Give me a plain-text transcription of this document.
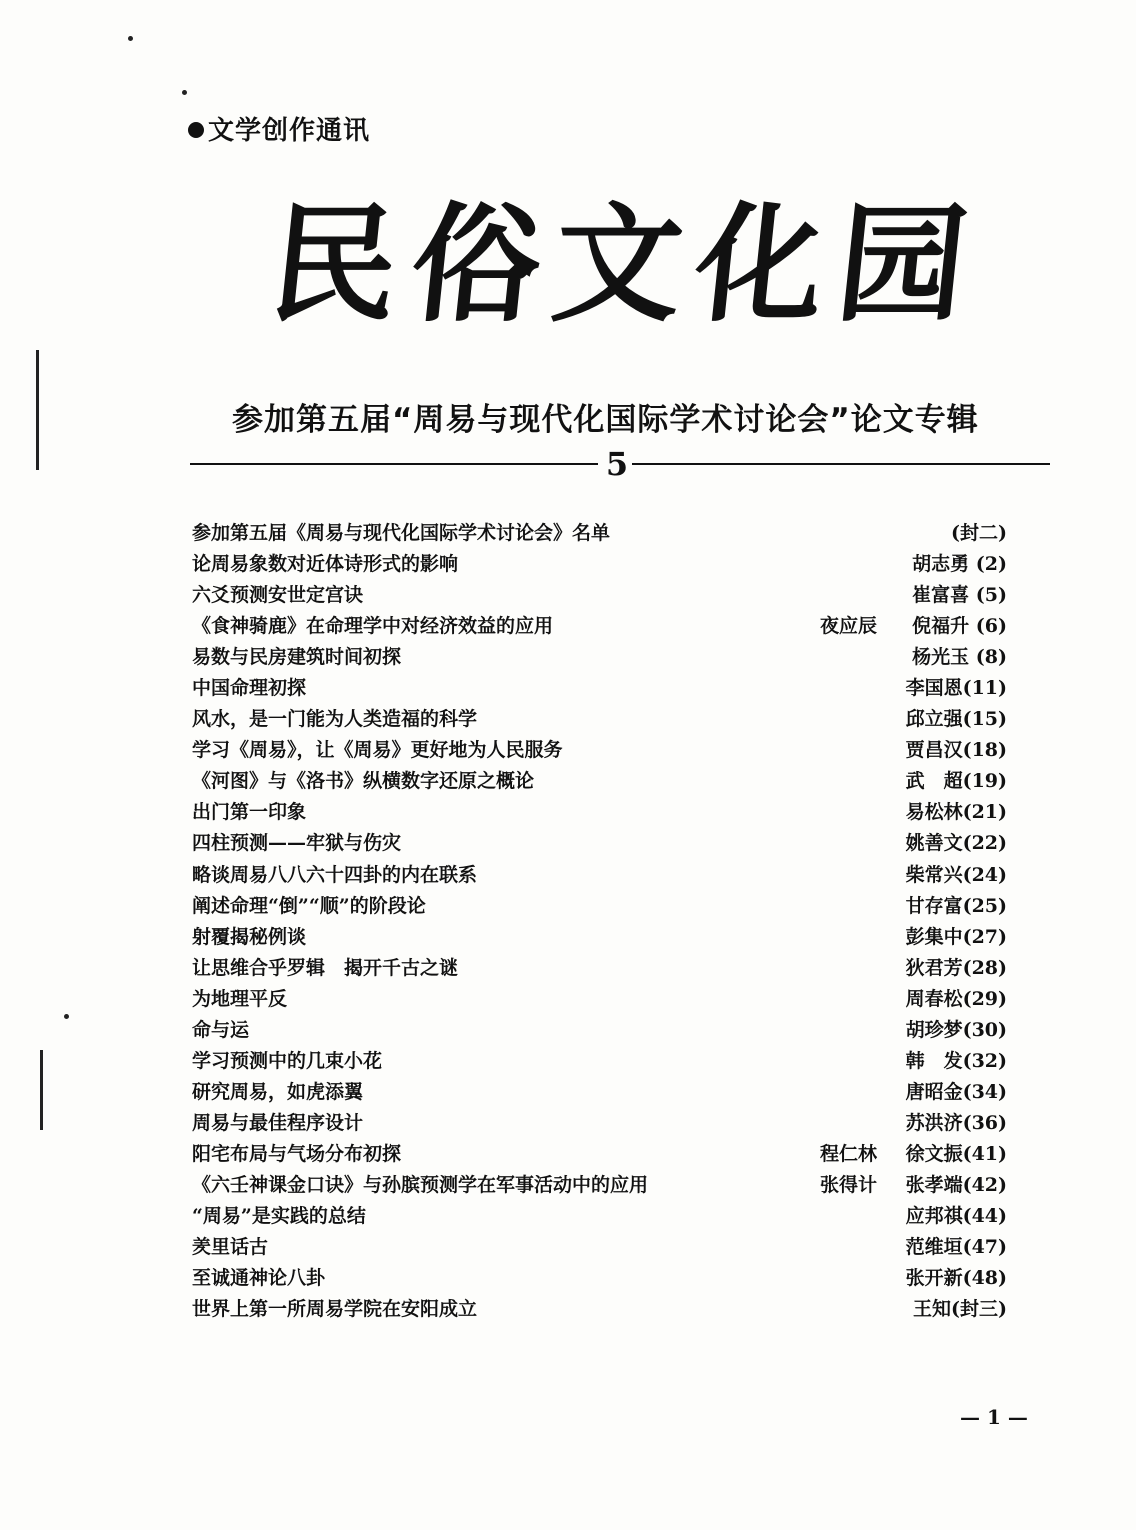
文学创作通讯
民俗文化园
参加第五届“周易与现代化国际学术讨论会”论文专辑
5
参加第五届《周易与现代化国际学术讨论会》名单	(封二)
论周易象数对近体诗形式的影响	胡志勇 (2)
六爻预测安世定宫诀	崔富喜 (5)
《食神骑鹿》在命理学中对经济效益的应用	夜应辰 倪福升 (6)
易数与民房建筑时间初探	杨光玉 (8)
中国命理初探	李国恩(11)
风水，是一门能为人类造福的科学	邱立强(15)
学习《周易》，让《周易》更好地为人民服务	贾昌汉(18)
《河图》与《洛书》纵横数字还原之概论	武　超(19)
出门第一印象	易松林(21)
四柱预测——牢狱与伤灾	姚善文(22)
略谈周易八八六十四卦的内在联系	柴常兴(24)
阐述命理“倒”“顺”的阶段论	甘存富(25)
射覆揭秘例谈	彭集中(27)
让思维合乎罗辑　揭开千古之谜	狄君芳(28)
为地理平反	周春松(29)
命与运	胡珍梦(30)
学习预测中的几束小花	韩　发(32)
研究周易，如虎添翼	唐昭金(34)
周易与最佳程序设计	苏洪济(36)
阳宅布局与气场分布初探	程仁林 徐文振(41)
《六壬神课金口诀》与孙膑预测学在军事活动中的应用	张得计 张孝端(42)
“周易”是实践的总结	应邦祺(44)
羑里话古	范维垣(47)
至诚通神论八卦	张开新(48)
世界上第一所周易学院在安阳成立	王知(封三)
— 1 —
